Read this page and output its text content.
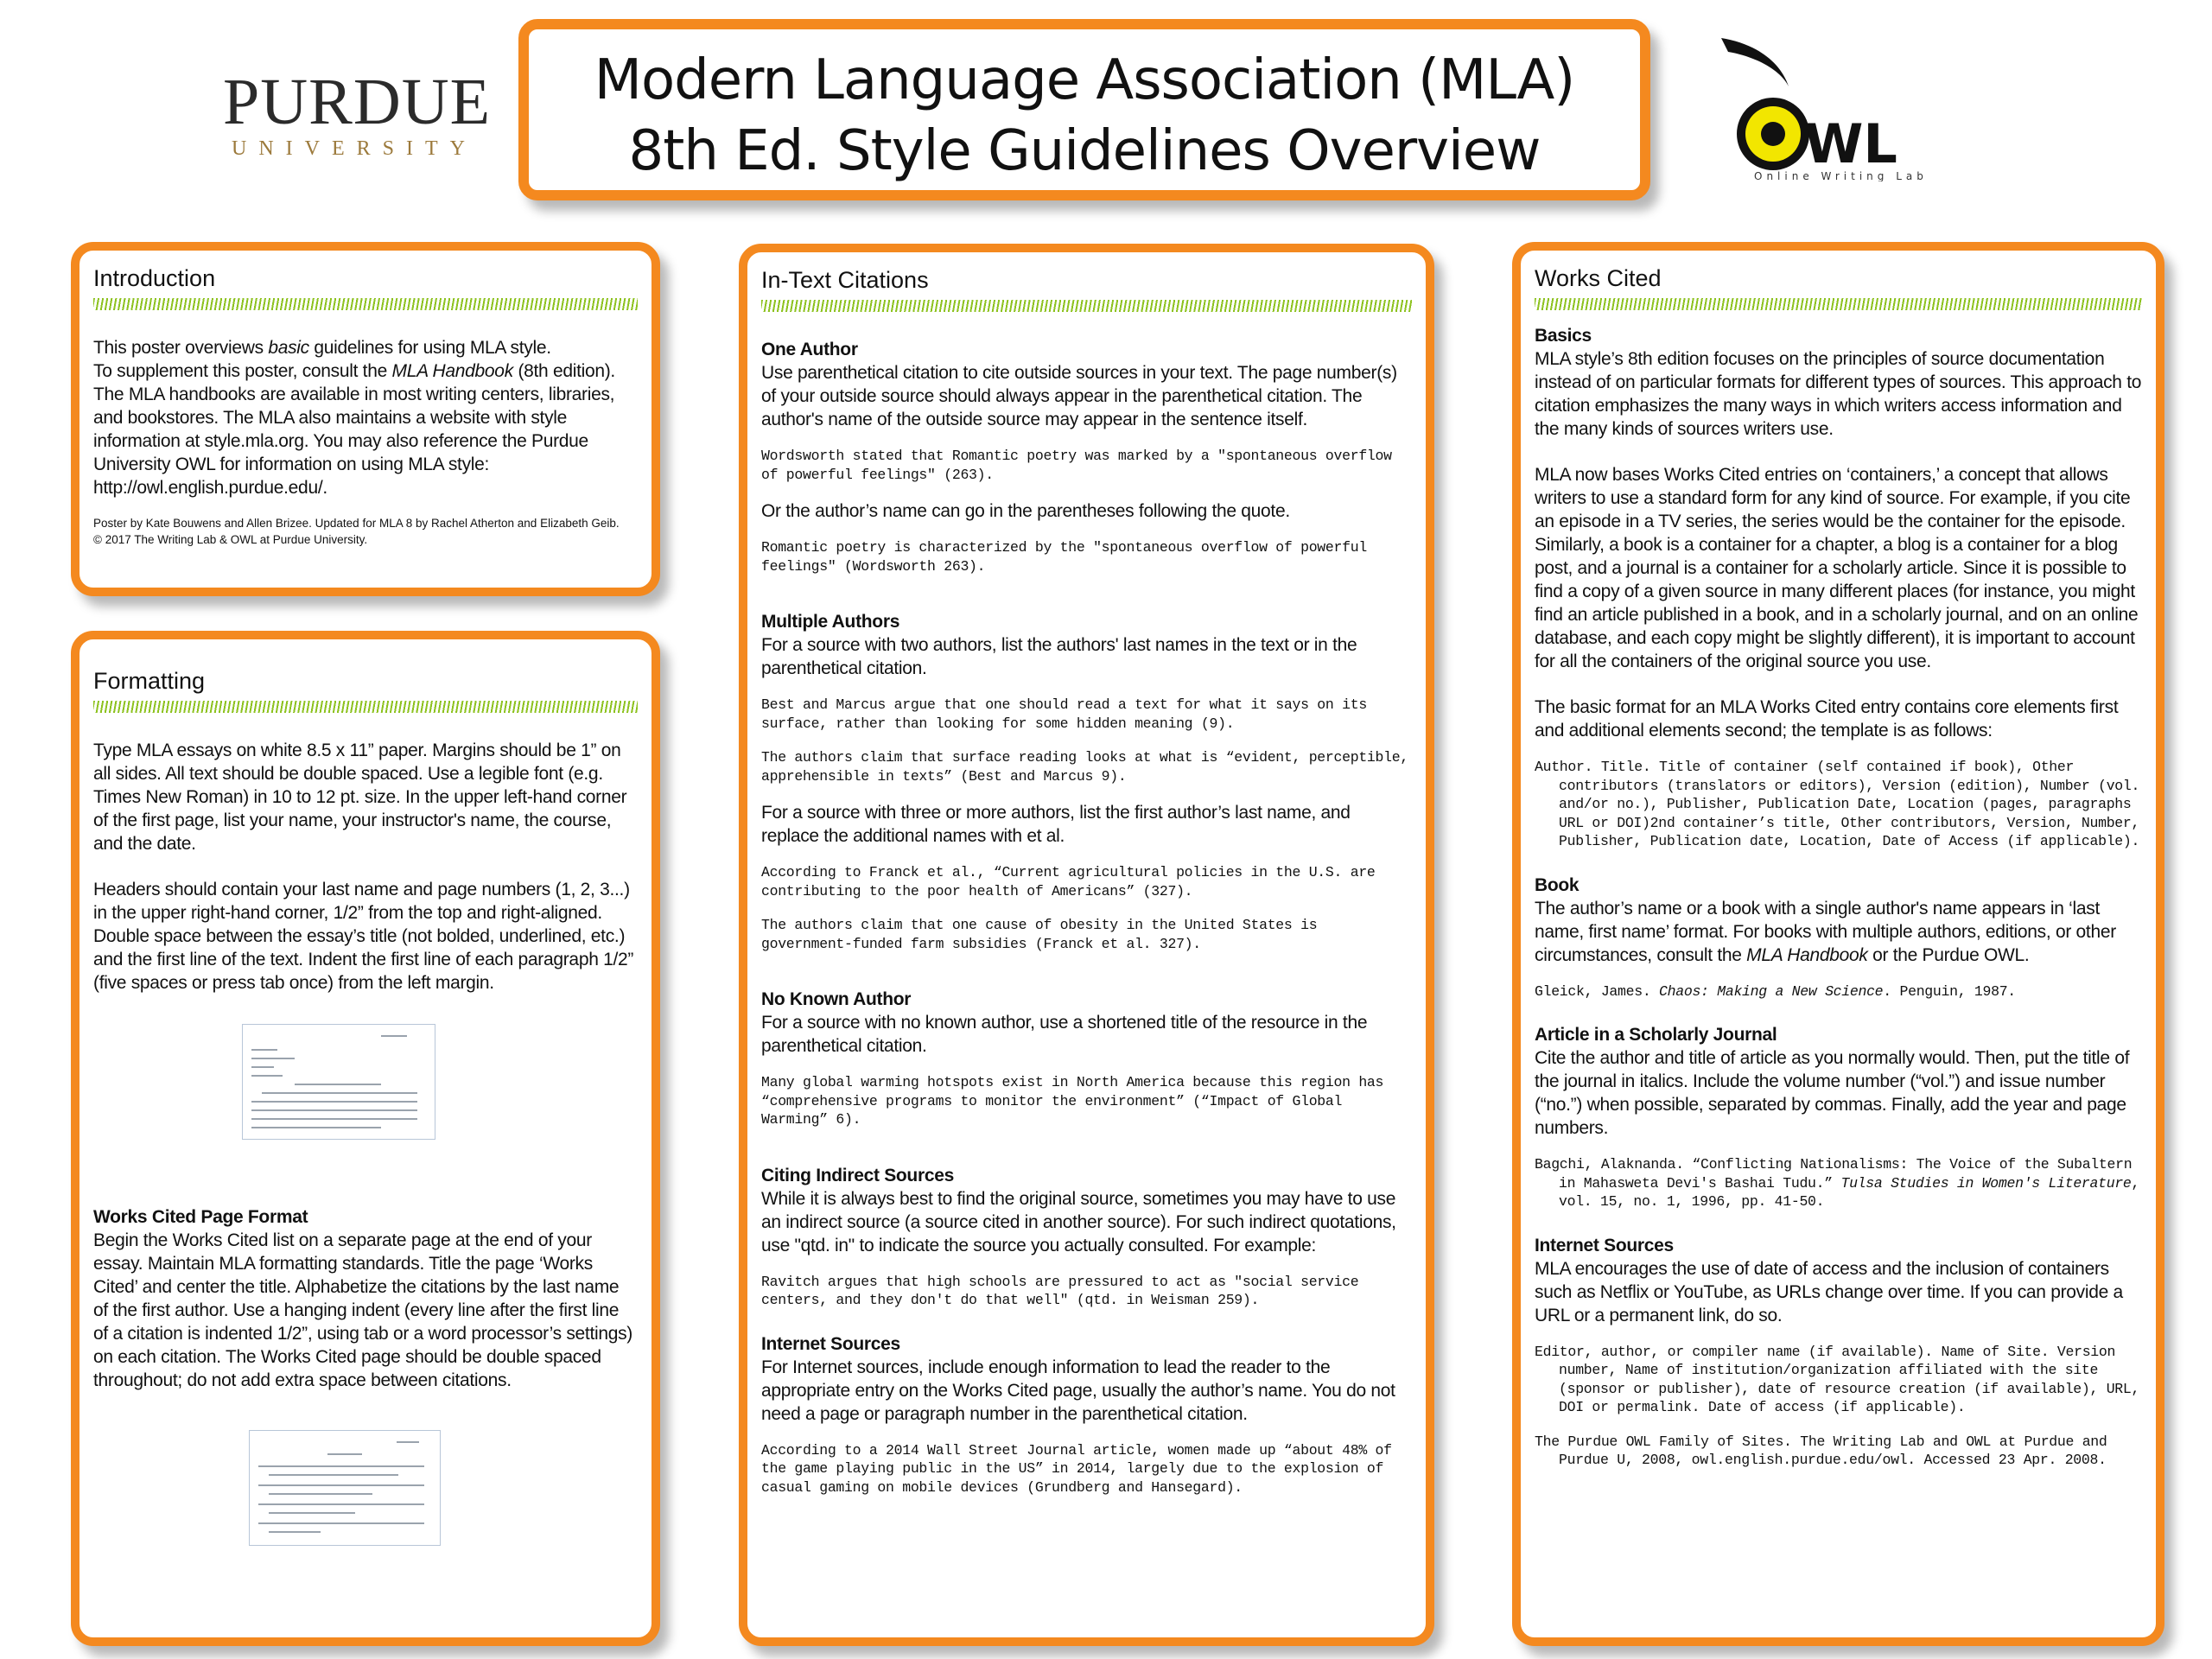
PURDUE
UNIVERSITY	WL
Online Writing Lab
Modern Language Association (MLA)
8th Ed. Style Guidelines Overview
Introduction

This poster overviews basic guidelines for using MLA style.

To supplement this poster, consult the MLA Handbook (8th edition). The MLA handbooks are available in most writing centers, libraries, and bookstores. The MLA also maintains a website with style information at style.mla.org. You may also reference the Purdue University OWL for information on using MLA style: http://owl.english.purdue.edu/.

Poster by Kate Bouwens and Allen Brizee. Updated for MLA 8 by Rachel Atherton and Elizabeth Geib.

© 2017 The Writing Lab & OWL at Purdue University.

Formatting

Type MLA essays on white 8.5 x 11” paper. Margins should be 1” on all sides. All text should be double spaced. Use a legible font (e.g. Times New Roman) in 10 to 12 pt. size. In the upper left-hand corner of the first page, list your name, your instructor's name, the course, and the date.

Headers should contain your last name and page numbers (1, 2, 3...) in the upper right-hand corner, 1/2” from the top and right-aligned. Double space between the essay’s title (not bolded, underlined, etc.) and the first line of the text. Indent the first line of each paragraph 1/2” (five spaces or press tab once) from the left margin.

Works Cited Page Format

Begin the Works Cited list on a separate page at the end of your essay. Maintain MLA formatting standards. Title the page ‘Works Cited’ and center the title. Alphabetize the citations by the last name of the first author. Use a hanging indent (every line after the first line of a citation is indented 1/2”, using tab or a word processor’s settings) on each citation. The Works Cited page should be double spaced throughout; do not add extra space between citations.

In-Text Citations

One Author

Use parenthetical citation to cite outside sources in your text. The page number(s) of your outside source should always appear in the parenthetical citation. The author's name of the outside source may appear in the sentence itself.

Wordsworth stated that Romantic poetry was marked by a "spontaneous overflow of powerful feelings" (263).

Or the author’s name can go in the parentheses following the quote.

Romantic poetry is characterized by the "spontaneous overflow of powerful feelings" (Wordsworth 263).

Multiple Authors

For a source with two authors, list the authors' last names in the text or in the parenthetical citation.

Best and Marcus argue that one should read a text for what it says on its surface, rather than looking for some hidden meaning (9).

The authors claim that surface reading looks at what is “evident, perceptible, apprehensible in texts” (Best and Marcus 9).

For a source with three or more authors, list the first author’s last name, and replace the additional names with et al.

According to Franck et al., “Current agricultural policies in the U.S. are contributing to the poor health of Americans” (327).

The authors claim that one cause of obesity in the United States is government-funded farm subsidies (Franck et al. 327).

No Known Author

For a source with no known author, use a shortened title of the resource in the parenthetical citation.

Many global warming hotspots exist in North America because this region has “comprehensive programs to monitor the environment” (“Impact of Global Warming” 6).

Citing Indirect Sources

While it is always best to find the original source, sometimes you may have to use an indirect source (a source cited in another source). For such indirect quotations, use "qtd. in" to indicate the source you actually consulted. For example:

Ravitch argues that high schools are pressured to act as "social service centers, and they don't do that well" (qtd. in Weisman 259).

Internet Sources

For Internet sources, include enough information to lead the reader to the appropriate entry on the Works Cited page, usually the author’s name. You do not need a page or paragraph number in the parenthetical citation.

According to a 2014 Wall Street Journal article, women made up “about 48% of the game playing public in the US” in 2014, largely due to the explosion of casual gaming on mobile devices (Grundberg and Hansegard).

Works Cited

Basics

MLA style’s 8th edition focuses on the principles of source documentation instead of on particular formats for different types of sources. This approach to citation emphasizes the many ways in which writers access information and the many kinds of sources writers use.

MLA now bases Works Cited entries on ‘containers,’ a concept that allows writers to use a standard form for any kind of source. For example, if you cite an episode in a TV series, the series would be the container for the episode. Similarly, a book is a container for a chapter, a blog is a container for a blog post, and a journal is a container for a scholarly article. Since it is possible to find a copy of a given source in many different places (for instance, you might find an article published in a book, and in a scholarly journal, and on an online database, and each copy might be slightly different), it is important to account for all the containers of the original source you use.

The basic format for an MLA Works Cited entry contains core elements first and additional elements second; the template is as follows:

Author. Title. Title of container (self contained if book), Other contributors (translators or editors), Version (edition), Number (vol. and/or no.), Publisher, Publication Date, Location (pages, paragraphs URL or DOI)2nd container’s title, Other contributors, Version, Number, Publisher, Publication date, Location, Date of Access (if applicable).

Book

The author’s name or a book with a single author's name appears in ‘last name, first name’ format. For books with multiple authors, editions, or other circumstances, consult the MLA Handbook or the Purdue OWL.

Gleick, James. Chaos: Making a New Science. Penguin, 1987.

Article in a Scholarly Journal

Cite the author and title of article as you normally would. Then, put the title of the journal in italics. Include the volume number (“vol.”) and issue number (“no.”) when possible, separated by commas. Finally, add the year and page numbers.

Bagchi, Alaknanda. “Conflicting Nationalisms: The Voice of the Subaltern in Mahasweta Devi's Bashai Tudu.” Tulsa Studies in Women's Literature, vol. 15, no. 1, 1996, pp. 41-50.

Internet Sources

MLA encourages the use of date of access and the inclusion of containers such as Netflix or YouTube, as URLs change over time. If you can provide a URL or a permanent link, do so.

Editor, author, or compiler name (if available). Name of Site. Version number, Name of institution/organization affiliated with the site (sponsor or publisher), date of resource creation (if available), URL, DOI or permalink. Date of access (if applicable).

The Purdue OWL Family of Sites. The Writing Lab and OWL at Purdue and Purdue U, 2008, owl.english.purdue.edu/owl. Accessed 23 Apr. 2008.
